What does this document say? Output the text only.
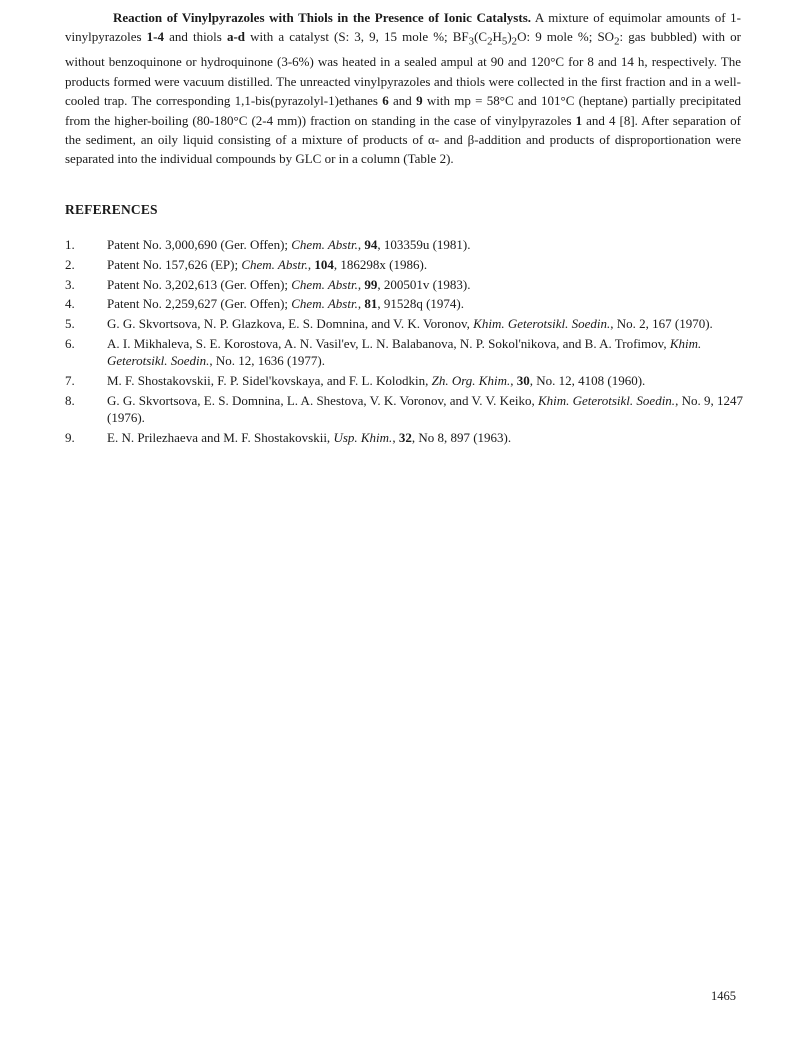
Reaction of Vinylpyrazoles with Thiols in the Presence of Ionic Catalysts. A mixture of equimolar amounts of 1-vinylpyrazoles 1-4 and thiols a-d with a catalyst (S: 3, 9, 15 mole %; $BF_3(C_2H_5)_2O$: 9 mole %; $SO_2$: gas bubbled) with or without benzoquinone or hydroquinone (3-6%) was heated in a sealed ampul at 90 and 120°C for 8 and 14 h, respectively. The products formed were vacuum distilled. The unreacted vinylpyrazoles and thiols were collected in the first fraction and in a well-cooled trap. The corresponding 1,1-bis(pyrazolyl-1)ethanes 6 and 9 with mp = 58°C and 101°C (heptane) partially precipitated from the higher-boiling (80-180°C (2-4 mm)) fraction on standing in the case of vinylpyrazoles 1 and 4 [8]. After separation of the sediment, an oily liquid consisting of a mixture of products of α- and β-addition and products of disproportionation were separated into the individual compounds by GLC or in a column (Table 2).

REFERENCES
1.	Patent No. 3,000,690 (Ger. Offen); Chem. Abstr., 94, 103359u (1981).
2.	Patent No. 157,626 (EP); Chem. Abstr., 104, 186298x (1986).
3.	Patent No. 3,202,613 (Ger. Offen); Chem. Abstr., 99, 200501v (1983).
4.	Patent No. 2,259,627 (Ger. Offen); Chem. Abstr., 81, 91528q (1974).
5.	G. G. Skvortsova, N. P. Glazkova, E. S. Domnina, and V. K. Voronov, Khim. Geterotsikl. Soedin., No. 2, 167 (1970).
6.	A. I. Mikhaleva, S. E. Korostova, A. N. Vasil'ev, L. N. Balabanova, N. P. Sokol'nikova, and B. A. Trofimov, Khim. Geterotsikl. Soedin., No. 12, 1636 (1977).
7.	M. F. Shostakovskii, F. P. Sidel'kovskaya, and F. L. Kolodkin, Zh. Org. Khim., 30, No. 12, 4108 (1960).
8.	G. G. Skvortsova, E. S. Domnina, L. A. Shestova, V. K. Voronov, and V. V. Keiko, Khim. Geterotsikl. Soedin., No. 9, 1247 (1976).
9.	E. N. Prilezhaeva and M. F. Shostakovskii, Usp. Khim., 32, No 8, 897 (1963).

1465
